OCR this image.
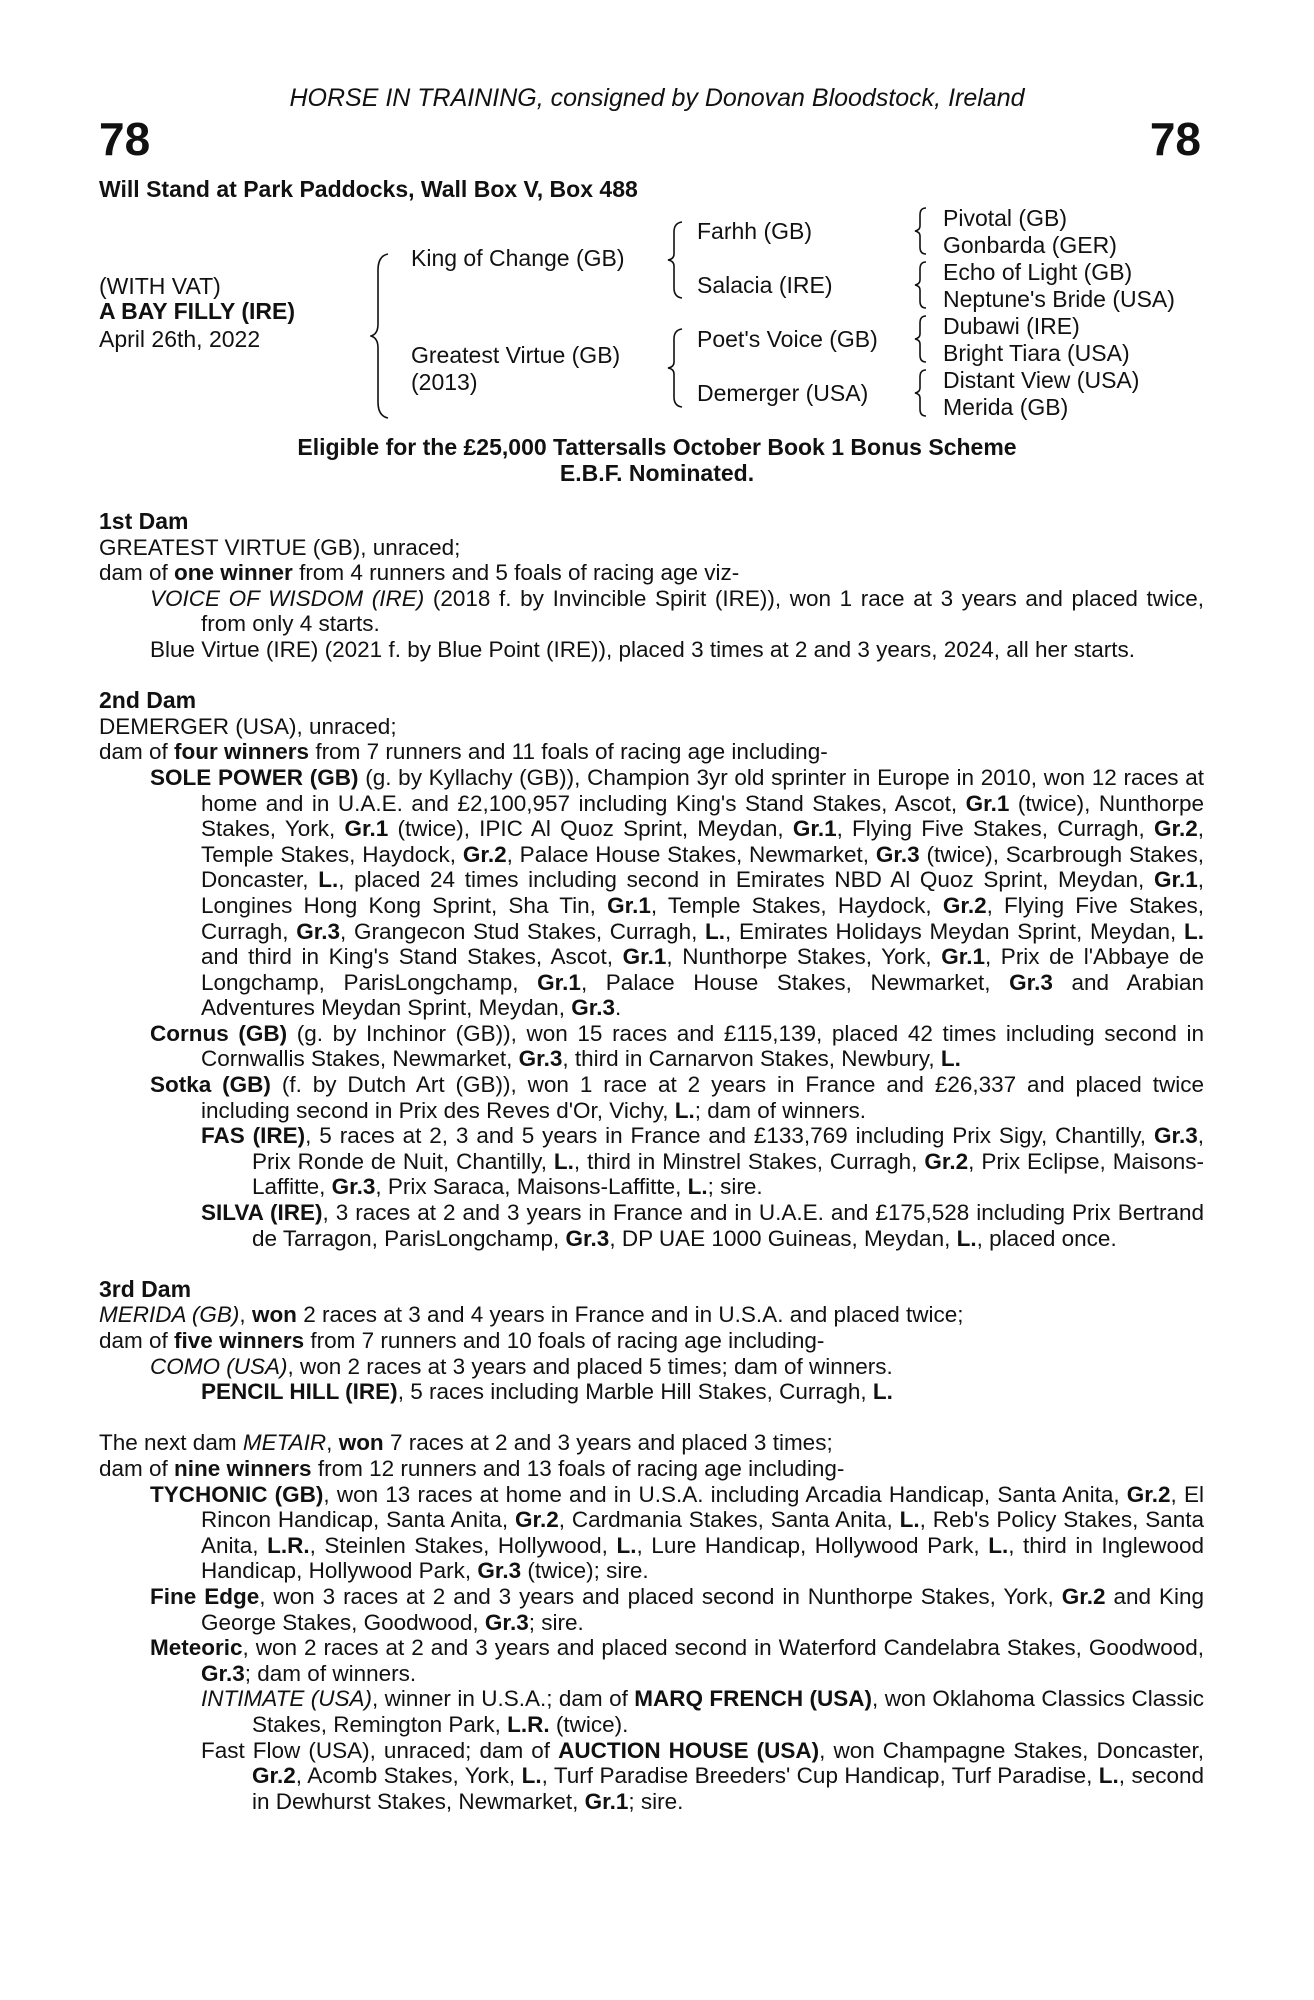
HORSE IN TRAINING, consigned by Donovan Bloodstock, Ireland
78	78
Will Stand at Park Paddocks, Wall Box V, Box 488
(WITH VAT)
A BAY FILLY (IRE)
April 26th, 2022
King of Change (GB)
Greatest Virtue (GB)
(2013)
Farhh (GB)
Salacia (IRE)
Poet's Voice (GB)
Demerger (USA)
Pivotal (GB)
Gonbarda (GER)
Echo of Light (GB)
Neptune's Bride (USA)
Dubawi (IRE)
Bright Tiara (USA)
Distant View (USA)
Merida (GB)
Eligible for the £25,000 Tattersalls October Book 1 Bonus Scheme
E.B.F. Nominated.

1st Dam

GREATEST VIRTUE (GB), unraced;

dam of one winner from 4 runners and 5 foals of racing age viz-

VOICE OF WISDOM (IRE) (2018 f. by Invincible Spirit (IRE)), won 1 race at 3 years and placed twice, from only 4 starts.

Blue Virtue (IRE) (2021 f. by Blue Point (IRE)), placed 3 times at 2 and 3 years, 2024, all her starts.

2nd Dam

DEMERGER (USA), unraced;

dam of four winners from 7 runners and 11 foals of racing age including-

SOLE POWER (GB) (g. by Kyllachy (GB)), Champion 3yr old sprinter in Europe in 2010, won 12 races at home and in U.A.E. and £2,100,957 including King's Stand Stakes, Ascot, Gr.1 (twice), Nunthorpe Stakes, York, Gr.1 (twice), IPIC Al Quoz Sprint, Meydan, Gr.1, Flying Five Stakes, Curragh, Gr.2, Temple Stakes, Haydock, Gr.2, Palace House Stakes, Newmarket, Gr.3 (twice), Scarbrough Stakes, Doncaster, L., placed 24 times including second in Emirates NBD Al Quoz Sprint, Meydan, Gr.1, Longines Hong Kong Sprint, Sha Tin, Gr.1, Temple Stakes, Haydock, Gr.2, Flying Five Stakes, Curragh, Gr.3, Grangecon Stud Stakes, Curragh, L., Emirates Holidays Meydan Sprint, Meydan, L. and third in King's Stand Stakes, Ascot, Gr.1, Nunthorpe Stakes, York, Gr.1, Prix de l'Abbaye de Longchamp, ParisLongchamp, Gr.1, Palace House Stakes, Newmarket, Gr.3 and Arabian Adventures Meydan Sprint, Meydan, Gr.3.

Cornus (GB) (g. by Inchinor (GB)), won 15 races and £115,139, placed 42 times including second in Cornwallis Stakes, Newmarket, Gr.3, third in Carnarvon Stakes, Newbury, L.

Sotka (GB) (f. by Dutch Art (GB)), won 1 race at 2 years in France and £26,337 and placed twice including second in Prix des Reves d'Or, Vichy, L.; dam of winners.

FAS (IRE), 5 races at 2, 3 and 5 years in France and £133,769 including Prix Sigy, Chantilly, Gr.3, Prix Ronde de Nuit, Chantilly, L., third in Minstrel Stakes, Curragh, Gr.2, Prix Eclipse, Maisons-Laffitte, Gr.3, Prix Saraca, Maisons-Laffitte, L.; sire.

SILVA (IRE), 3 races at 2 and 3 years in France and in U.A.E. and £175,528 including Prix Bertrand de Tarragon, ParisLongchamp, Gr.3, DP UAE 1000 Guineas, Meydan, L., placed once.

3rd Dam

MERIDA (GB), won 2 races at 3 and 4 years in France and in U.S.A. and placed twice;

dam of five winners from 7 runners and 10 foals of racing age including-

COMO (USA), won 2 races at 3 years and placed 5 times; dam of winners.

PENCIL HILL (IRE), 5 races including Marble Hill Stakes, Curragh, L.

The next dam METAIR, won 7 races at 2 and 3 years and placed 3 times;

dam of nine winners from 12 runners and 13 foals of racing age including-

TYCHONIC (GB), won 13 races at home and in U.S.A. including Arcadia Handicap, Santa Anita, Gr.2, El Rincon Handicap, Santa Anita, Gr.2, Cardmania Stakes, Santa Anita, L., Reb's Policy Stakes, Santa Anita, L.R., Steinlen Stakes, Hollywood, L., Lure Handicap, Hollywood Park, L., third in Inglewood Handicap, Hollywood Park, Gr.3 (twice); sire.

Fine Edge, won 3 races at 2 and 3 years and placed second in Nunthorpe Stakes, York, Gr.2 and King George Stakes, Goodwood, Gr.3; sire.

Meteoric, won 2 races at 2 and 3 years and placed second in Waterford Candelabra Stakes, Goodwood, Gr.3; dam of winners.

INTIMATE (USA), winner in U.S.A.; dam of MARQ FRENCH (USA), won Oklahoma Classics Classic Stakes, Remington Park, L.R. (twice).

Fast Flow (USA), unraced; dam of AUCTION HOUSE (USA), won Champagne Stakes, Doncaster, Gr.2, Acomb Stakes, York, L., Turf Paradise Breeders' Cup Handicap, Turf Paradise, L., second in Dewhurst Stakes, Newmarket, Gr.1; sire.
